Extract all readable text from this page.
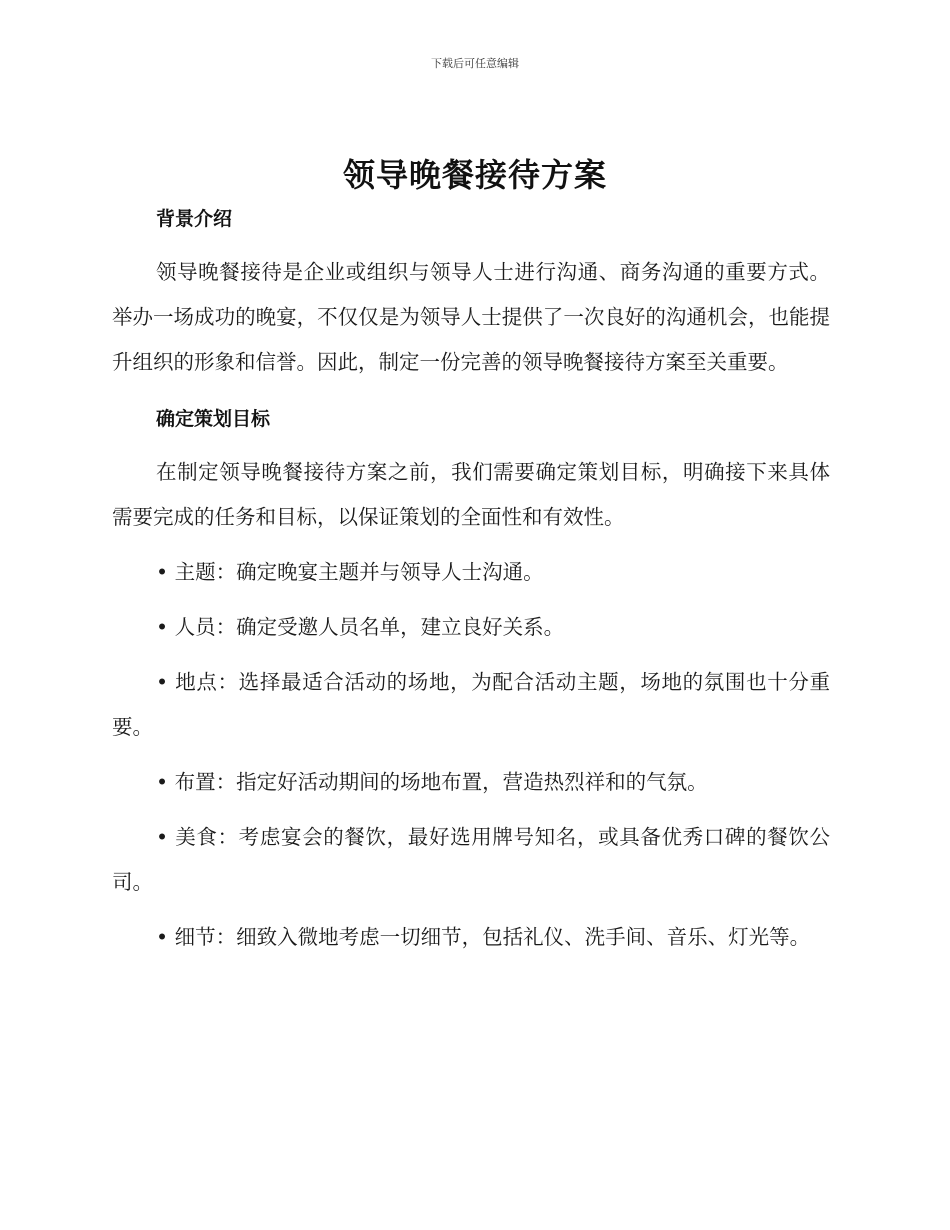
下载后可任意编辑
领导晚餐接待方案
背景介绍

领导晚餐接待是企业或组织与领导人士进行沟通、商务沟通的重要方式。举办一场成功的晚宴，不仅仅是为领导人士提供了一次良好的沟通机会，也能提升组织的形象和信誉。因此，制定一份完善的领导晚餐接待方案至关重要。

确定策划目标

在制定领导晚餐接待方案之前，我们需要确定策划目标，明确接下来具体需要完成的任务和目标，以保证策划的全面性和有效性。

• 主题：确定晚宴主题并与领导人士沟通。

• 人员：确定受邀人员名单，建立良好关系。

• 地点：选择最适合活动的场地，为配合活动主题，场地的氛围也十分重要。

• 布置：指定好活动期间的场地布置，营造热烈祥和的气氛。

• 美食：考虑宴会的餐饮，最好选用牌号知名，或具备优秀口碑的餐饮公司。

• 细节：细致入微地考虑一切细节，包括礼仪、洗手间、音乐、灯光等。
